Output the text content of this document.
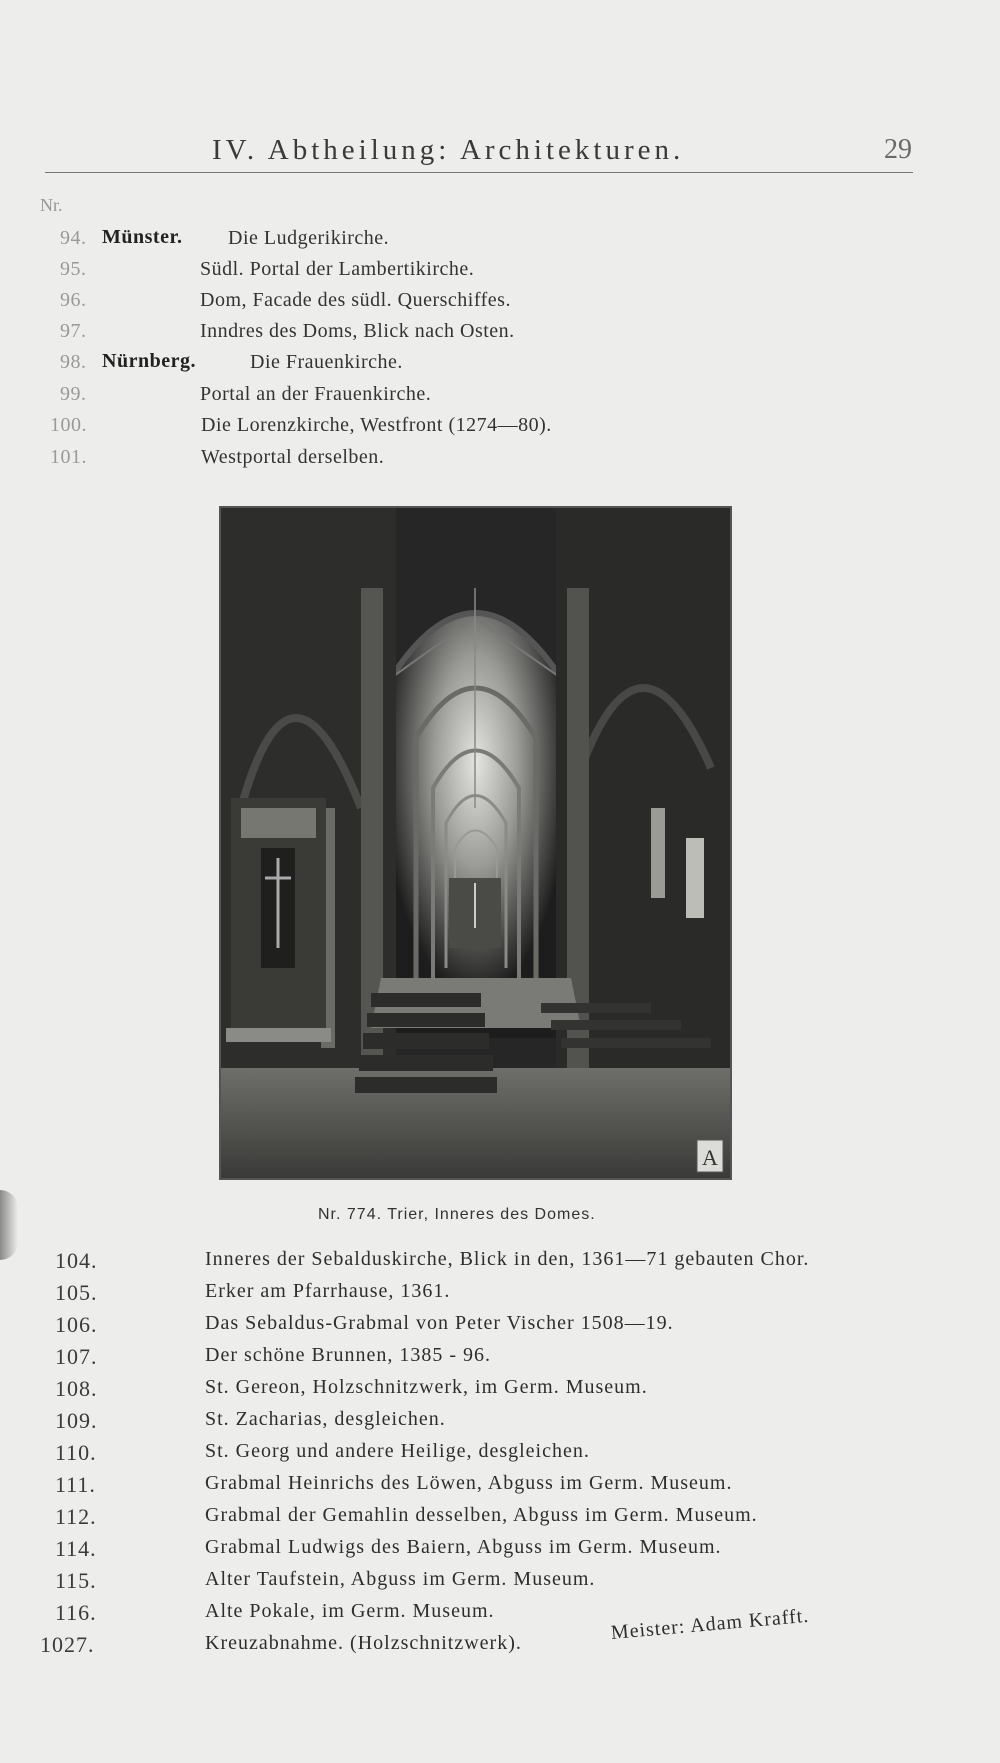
IV. Abtheilung: Architekturen.	29
Nr.
94. Münster. Die Ludgerikirche.
95.	Südl. Portal der Lambertikirche.
96.	Dom, Facade des südl. Querschiffes.
97.	Inndres des Doms, Blick nach Osten.
98. Nürnberg.	Die Frauenkirche.
99.	Portal an der Frauenkirche.
100.	Die Lorenzkirche, Westfront (1274—80).
101.	Westportal derselben.
A
Nr. 774. Trier, Inneres des Domes.
104.	Inneres der Sebalduskirche, Blick in den, 1361—71 gebauten Chor.
105.	Erker am Pfarrhause, 1361.
106.	Das Sebaldus-Grabmal von Peter Vischer 1508—19.
107.	Der schöne Brunnen, 1385 - 96.
108.	St. Gereon, Holzschnitzwerk, im Germ. Museum.
109.	St. Zacharias, desgleichen.
110.	St. Georg und andere Heilige, desgleichen.
111.	Grabmal Heinrichs des Löwen, Abguss im Germ. Museum.
112.	Grabmal der Gemahlin desselben, Abguss im Germ. Museum.
114.	Grabmal Ludwigs des Baiern, Abguss im Germ. Museum.
115.	Alter Taufstein, Abguss im Germ. Museum.
116.	Alte Pokale, im Germ. Museum.
1027.	Kreuzabnahme. (Holzschnitzwerk).	Meister: Adam Krafft.
